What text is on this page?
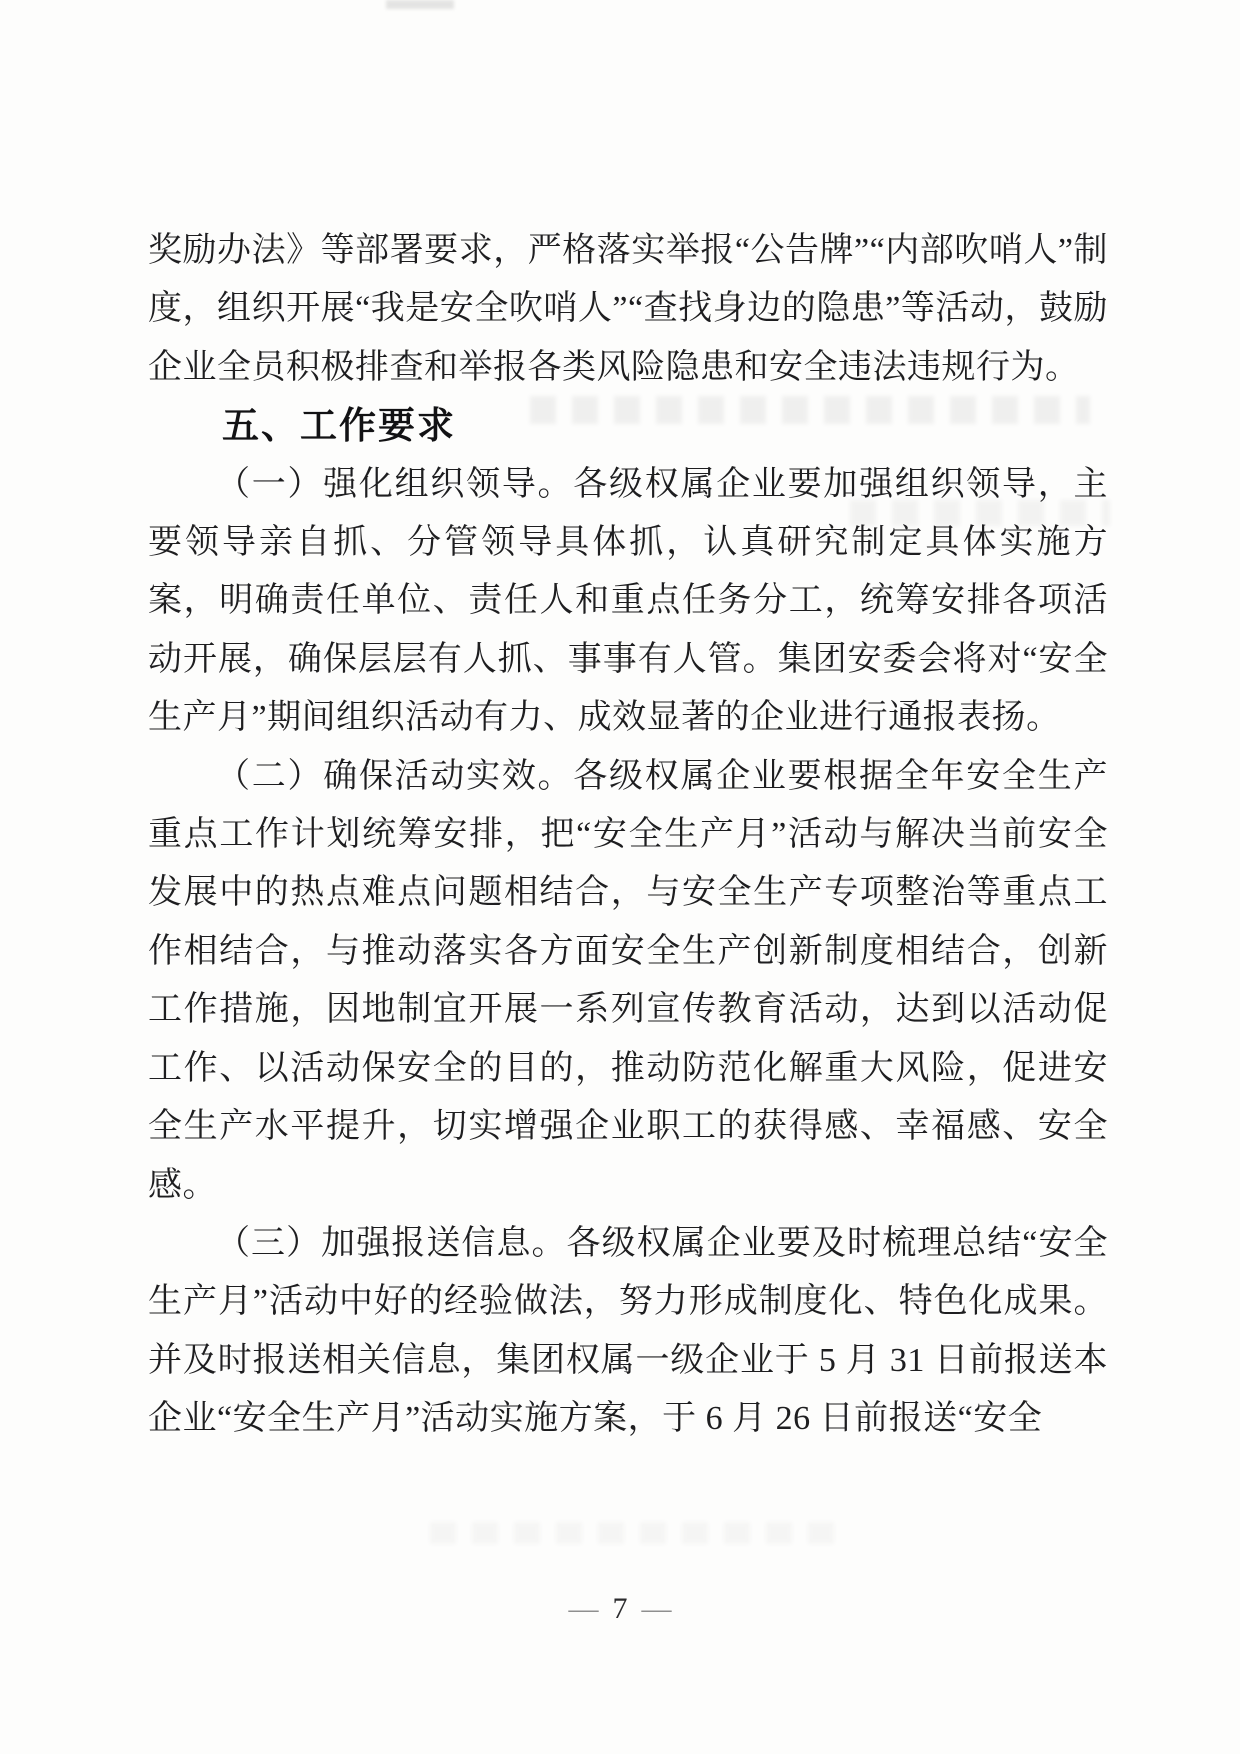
奖励办法》等部署要求，严格落实举报“公告牌”“内部吹哨人”制度，组织开展“我是安全吹哨人”“查找身边的隐患”等活动，鼓励企业全员积极排查和举报各类风险隐患和安全违法违规行为。

五、工作要求

（一）强化组织领导。各级权属企业要加强组织领导，主要领导亲自抓、分管领导具体抓，认真研究制定具体实施方案，明确责任单位、责任人和重点任务分工，统筹安排各项活动开展，确保层层有人抓、事事有人管。集团安委会将对“安全生产月”期间组织活动有力、成效显著的企业进行通报表扬。

（二）确保活动实效。各级权属企业要根据全年安全生产重点工作计划统筹安排，把“安全生产月”活动与解决当前安全发展中的热点难点问题相结合，与安全生产专项整治等重点工作相结合，与推动落实各方面安全生产创新制度相结合，创新工作措施，因地制宜开展一系列宣传教育活动，达到以活动促工作、以活动保安全的目的，推动防范化解重大风险，促进安全生产水平提升，切实增强企业职工的获得感、幸福感、安全感。

（三）加强报送信息。各级权属企业要及时梳理总结“安全生产月”活动中好的经验做法，努力形成制度化、特色化成果。并及时报送相关信息，集团权属一级企业于 5 月 31 日前报送本企业“安全生产月”活动实施方案，于 6 月 26 日前报送“安全

— 7 —
